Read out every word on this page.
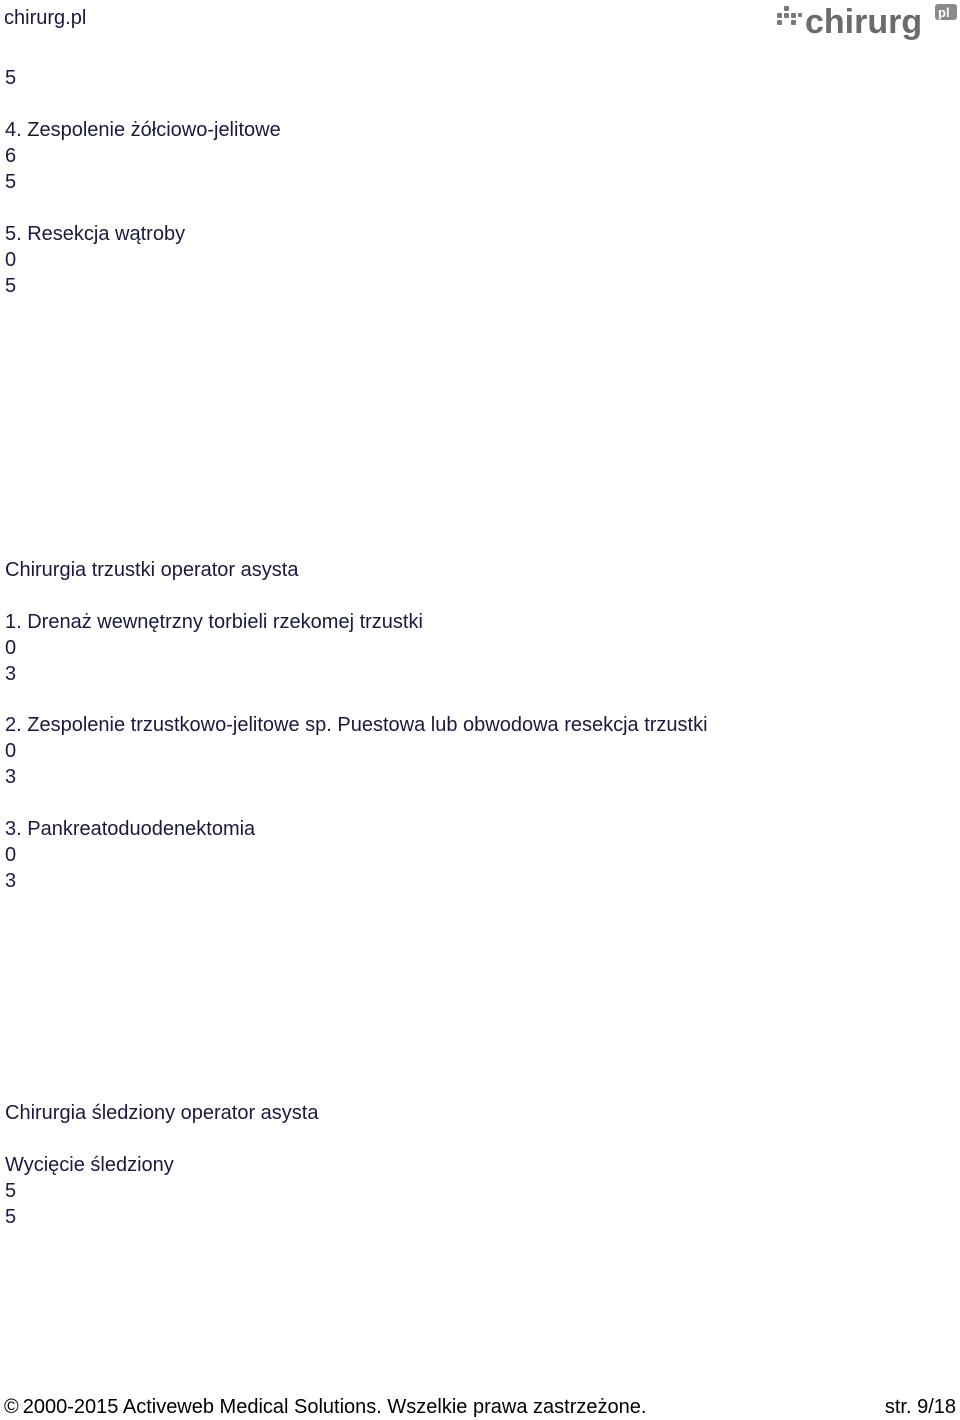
chirurg.pl	chirurg pl
5
4. Zespolenie żółciowo-jelitowe
6
5
5. Resekcja wątroby
0
5
Chirurgia trzustki operator asysta
1. Drenaż wewnętrzny torbieli rzekomej trzustki
0
3
2. Zespolenie trzustkowo-jelitowe sp. Puestowa lub obwodowa resekcja trzustki
0
3
3. Pankreatoduodenektomia
0
3
Chirurgia śledziony operator asysta
Wycięcie śledziony
5
5
© 2000-2015 Activeweb Medical Solutions. Wszelkie prawa zastrzeżone.	str. 9/18
